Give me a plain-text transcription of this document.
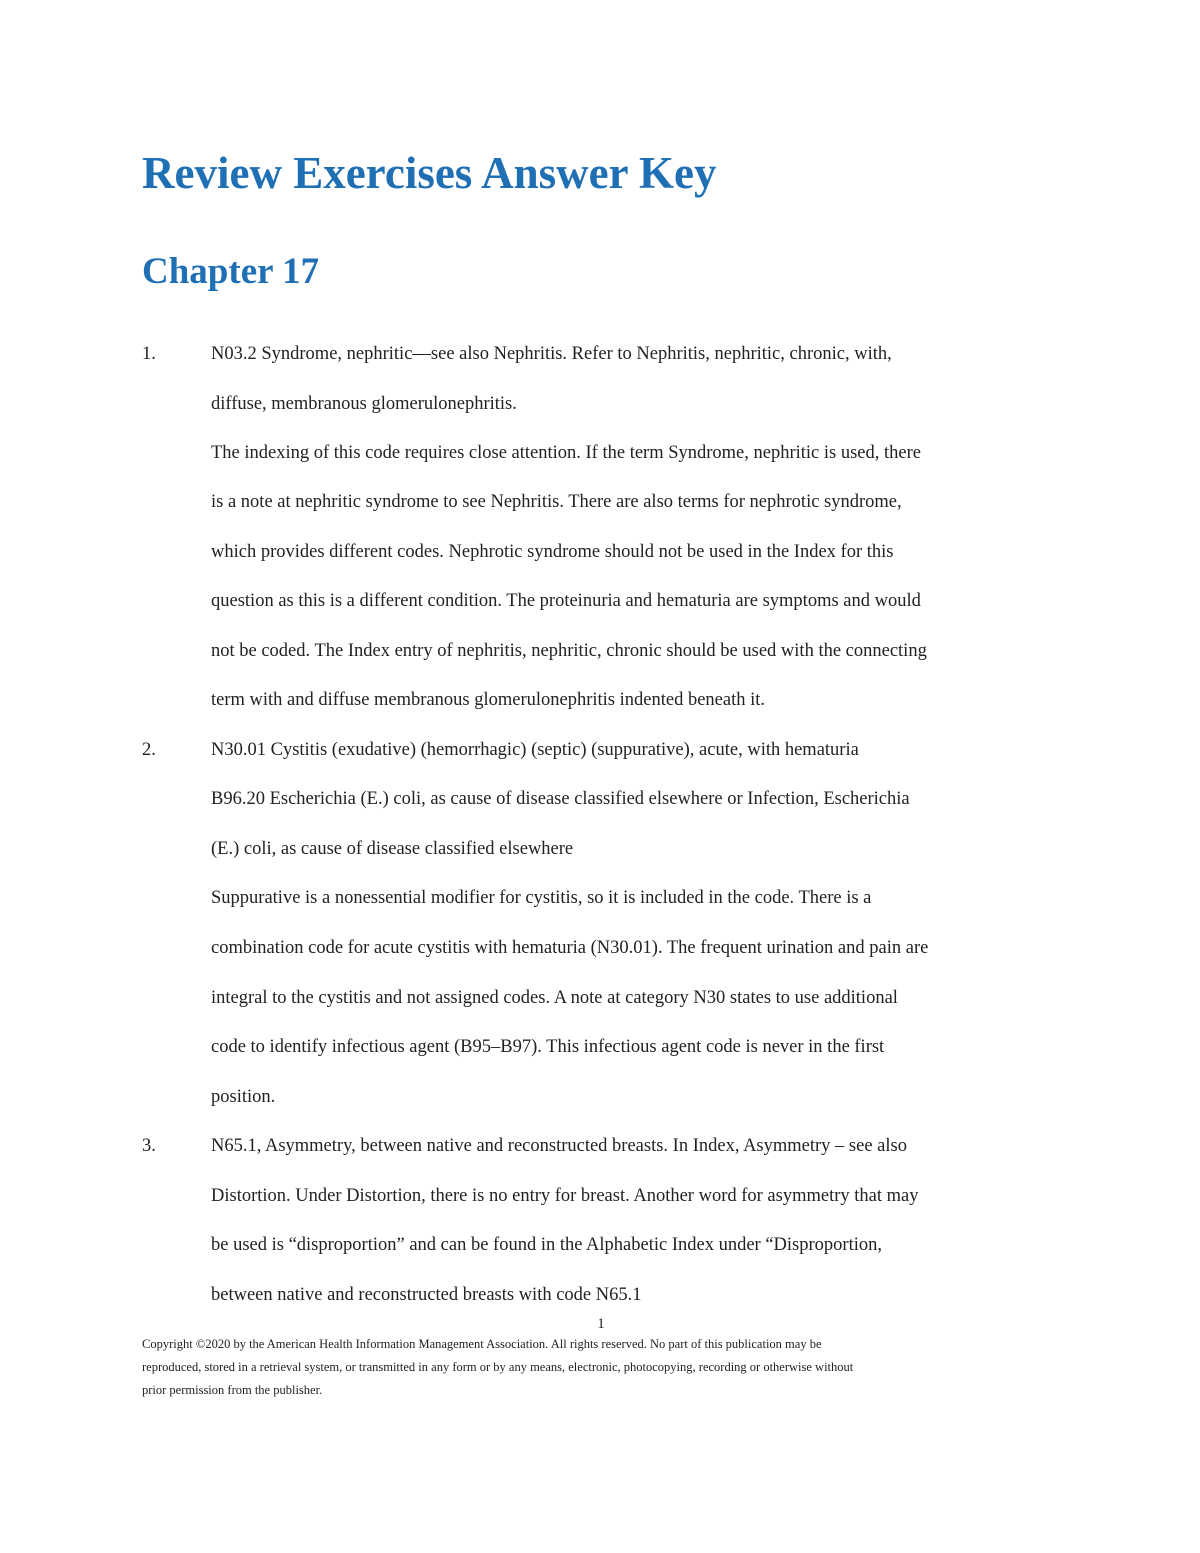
Review Exercises Answer Key
Chapter 17
1.	N03.2 Syndrome, nephritic—see also Nephritis. Refer to Nephritis, nephritic, chronic, with,
diffuse, membranous glomerulonephritis.
The indexing of this code requires close attention. If the term Syndrome, nephritic is used, there
is a note at nephritic syndrome to see Nephritis. There are also terms for nephrotic syndrome,
which provides different codes. Nephrotic syndrome should not be used in the Index for this
question as this is a different condition. The proteinuria and hematuria are symptoms and would
not be coded. The Index entry of nephritis, nephritic, chronic should be used with the connecting
term with and diffuse membranous glomerulonephritis indented beneath it.
2.	N30.01 Cystitis (exudative) (hemorrhagic) (septic) (suppurative), acute, with hematuria
B96.20 Escherichia (E.) coli, as cause of disease classified elsewhere or Infection, Escherichia
(E.) coli, as cause of disease classified elsewhere
Suppurative is a nonessential modifier for cystitis, so it is included in the code. There is a
combination code for acute cystitis with hematuria (N30.01). The frequent urination and pain are
integral to the cystitis and not assigned codes. A note at category N30 states to use additional
code to identify infectious agent (B95–B97). This infectious agent code is never in the first
position.
3.	N65.1, Asymmetry, between native and reconstructed breasts. In Index, Asymmetry – see also
Distortion. Under Distortion, there is no entry for breast. Another word for asymmetry that may
be used is “disproportion” and can be found in the Alphabetic Index under “Disproportion,
between native and reconstructed breasts with code N65.1
1
Copyright ©2020 by the American Health Information Management Association. All rights reserved. No part of this publication may be
reproduced, stored in a retrieval system, or transmitted in any form or by any means, electronic, photocopying, recording or otherwise without
prior permission from the publisher.
